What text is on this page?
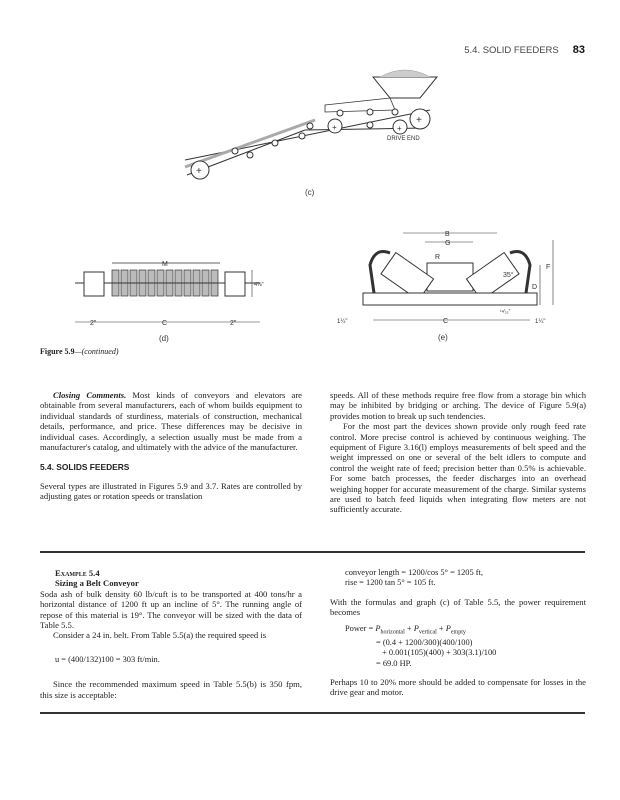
5.4. SOLID FEEDERS 83
+
+
+	+
DRIVE END
(c)
M
4⅝"
2"	C	2"
(d)
B
G
R
35°
F
D
¹⁹⁄₃₂"
1¼"	C	1¼"
(e)
Figure 5.9—(continued)

Closing Comments. Most kinds of conveyors and elevators are obtainable from several manufacturers, each of whom builds equipment to individual standards of sturdiness, materials of construction, mechanical details, performance, and price. These differences may be decisive in individual cases. Accordingly, a selection usually must be made from a manufacturer's catalog, and ultimately with the advice of the manufacturer.

5.4. SOLIDS FEEDERS

Several types are illustrated in Figures 5.9 and 3.7. Rates are controlled by adjusting gates or rotation speeds or translation

speeds. All of these methods require free flow from a storage bin which may be inhibited by bridging or arching. The device of Figure 5.9(a) provides motion to break up such tendencies.

For the most part the devices shown provide only rough feed rate control. More precise control is achieved by continuous weighing. The equipment of Figure 3.16(l) employs measurements of belt speed and the weight impressed on one or several of the belt idlers to compute and control the weight rate of feed; precision better than 0.5% is achievable. For some batch processes, the feeder discharges into an overhead weighing hopper for accurate measurement of the charge. Similar systems are used to batch feed liquids when integrating flow meters are not sufficiently accurate.

Example 5.4
Sizing a Belt Conveyor

Soda ash of bulk density 60 lb/cuft is to be transported at 400 tons/hr a horizontal distance of 1200 ft up an incline of 5°. The running angle of repose of this material is 19°. The conveyor will be sized with the data of Table 5.5.

Consider a 24 in. belt. From Table 5.5(a) the required speed is

u = (400/132)100 = 303 ft/min.

Since the recommended maximum speed in Table 5.5(b) is 350 fpm, this size is acceptable:

conveyor length = 1200/cos 5° = 1205 ft,
rise = 1200 tan 5° = 105 ft.

With the formulas and graph (c) of Table 5.5, the power requirement becomes

Power = $P_{horizontal} + P_{vertical} + P_{empty}$
= (0.4 + 1200/300)(400/100)
+ 0.001(105)(400) + 303(3.1)/100
= 69.0 HP.

Perhaps 10 to 20% more should be added to compensate for losses in the drive gear and motor.
